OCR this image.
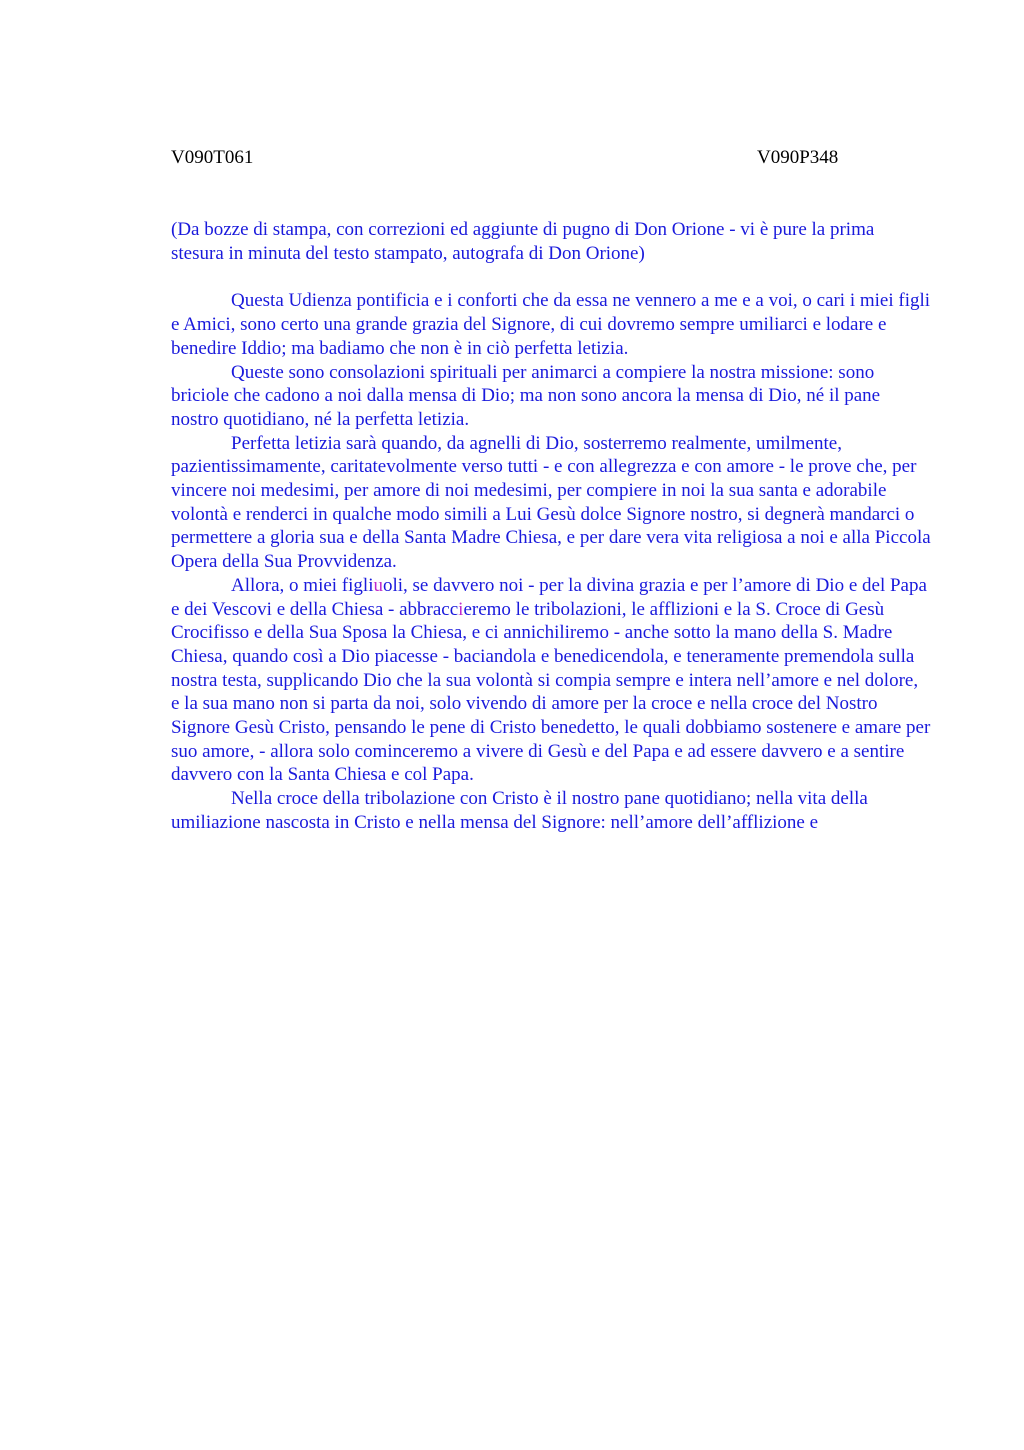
V090T061	V090P348

(Da bozze di stampa, con correzioni ed aggiunte di pugno di Don Orione - vi è pure la prima stesura in minuta del testo stampato, autografa di Don Orione)

Questa Udienza pontificia e i conforti che da essa ne vennero a me e a voi, o cari i miei figli e Amici, sono certo una grande grazia del Signore, di cui dovremo sempre umiliarci e lodare e benedire Iddio; ma badiamo che non è in ciò perfetta letizia.

Queste sono consolazioni spirituali per animarci a compiere la nostra missione: sono briciole che cadono a noi dalla mensa di Dio; ma non sono ancora la mensa di Dio, né il pane nostro quotidiano, né la perfetta letizia.

Perfetta letizia sarà quando, da agnelli di Dio, sosterremo realmente, umilmente, pazientissimamente, caritatevolmente verso tutti - e con allegrezza e con amore - le prove che, per vincere noi medesimi, per amore di noi medesimi, per compiere in noi la sua santa e adorabile volontà e renderci in qualche modo simili a Lui Gesù dolce Signore nostro, si degnerà mandarci o permettere a gloria sua e della Santa Madre Chiesa, e per dare vera vita religiosa a noi e alla Piccola Opera della Sua Provvidenza.

Allora, o miei figliuoli, se davvero noi - per la divina grazia e per l’amore di Dio e del Papa e dei Vescovi e della Chiesa - abbraccieremo le tribolazioni, le afflizioni e la S. Croce di Gesù Crocifisso e della Sua Sposa la Chiesa, e ci annichiliremo - anche sotto la mano della S. Madre Chiesa, quando così a Dio piacesse - baciandola e benedicendola, e teneramente premendola sulla nostra testa, supplicando Dio che la sua volontà si compia sempre e intera nell’amore e nel dolore, e la sua mano non si parta da noi, solo vivendo di amore per la croce e nella croce del Nostro Signore Gesù Cristo, pensando le pene di Cristo benedetto, le quali dobbiamo sostenere e amare per suo amore, - allora solo cominceremo a vivere di Gesù e del Papa e ad essere davvero e a sentire davvero con la Santa Chiesa e col Papa.

Nella croce della tribolazione con Cristo è il nostro pane quotidiano; nella vita della umiliazione nascosta in Cristo e nella mensa del Signore: nell’amore dell’afflizione e
